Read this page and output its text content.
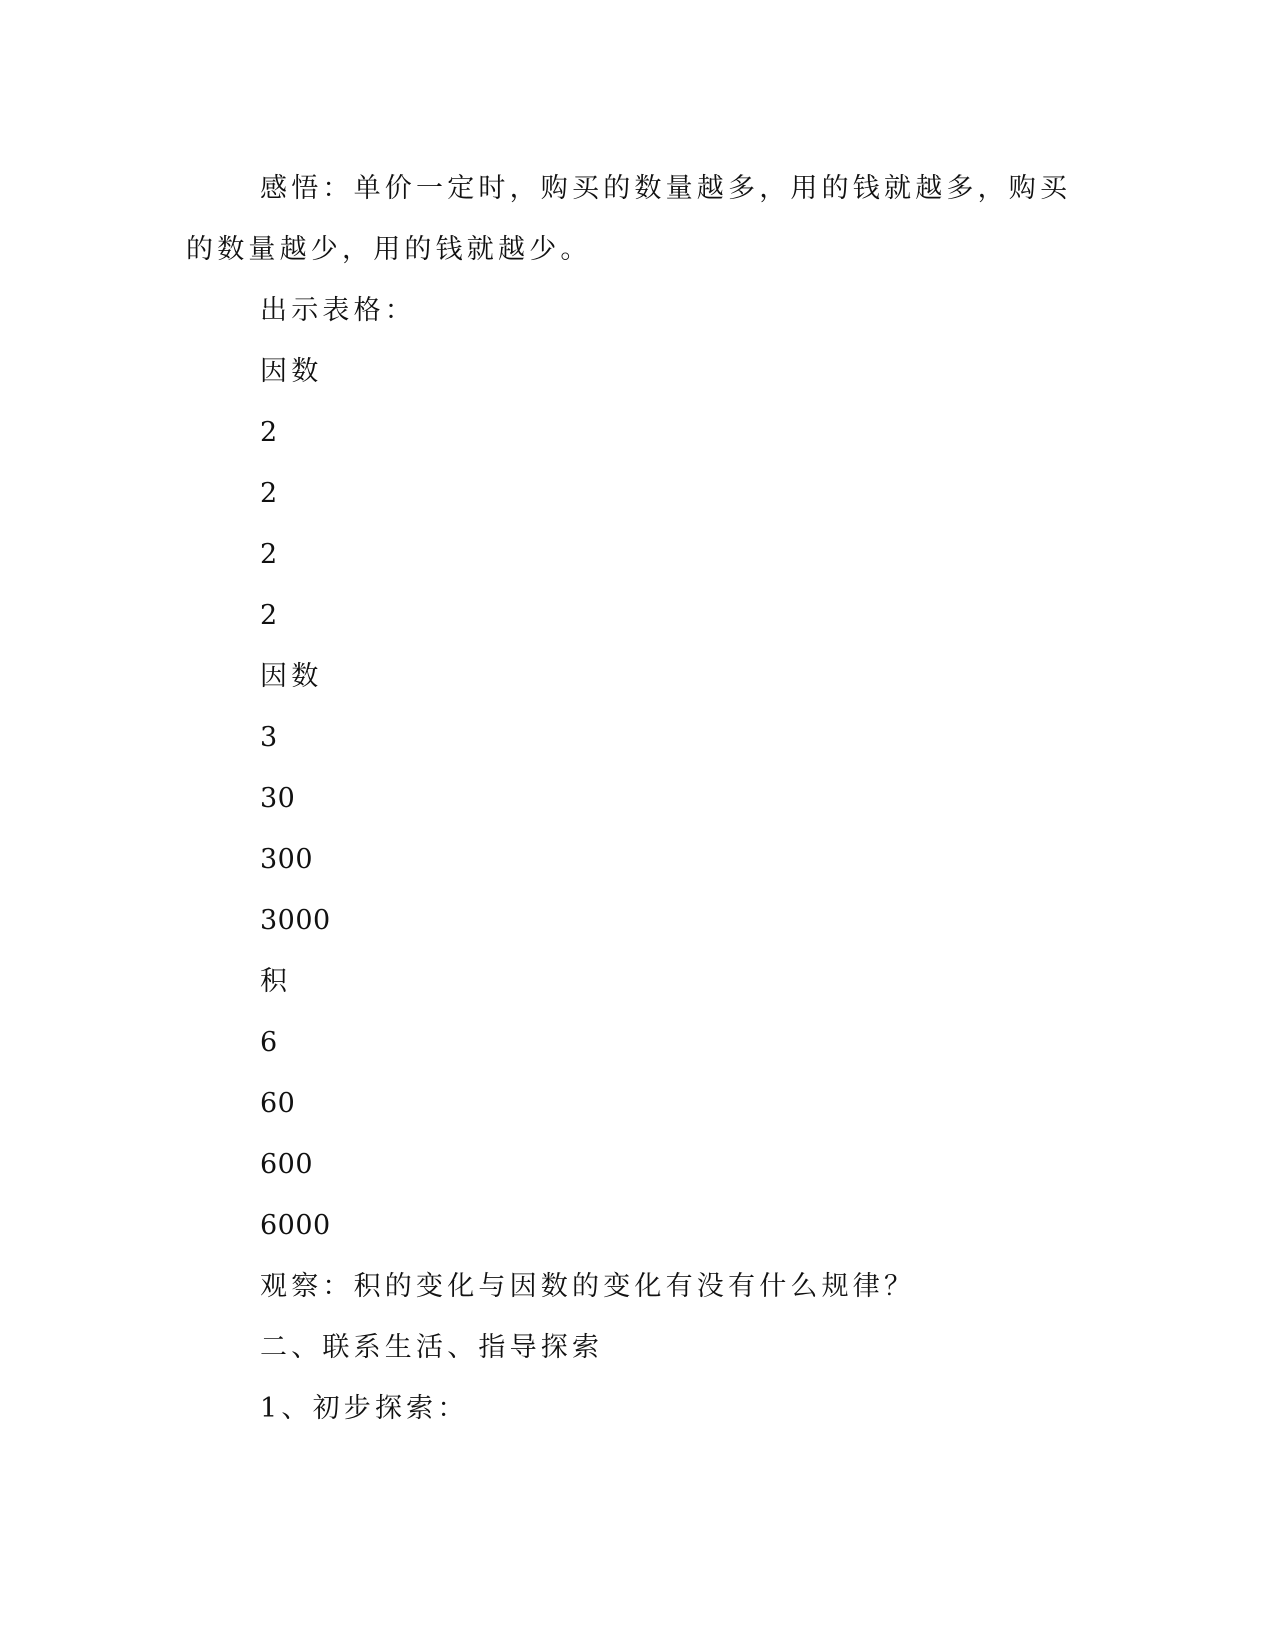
感悟：单价一定时，购买的数量越多，用的钱就越多，购买的数量越少，用的钱就越少。

出示表格：

因数

2

2

2

2

因数

3

30

300

3000

积

6

60

600

6000

观察：积的变化与因数的变化有没有什么规律？

二、联系生活、指导探索

1、初步探索：
